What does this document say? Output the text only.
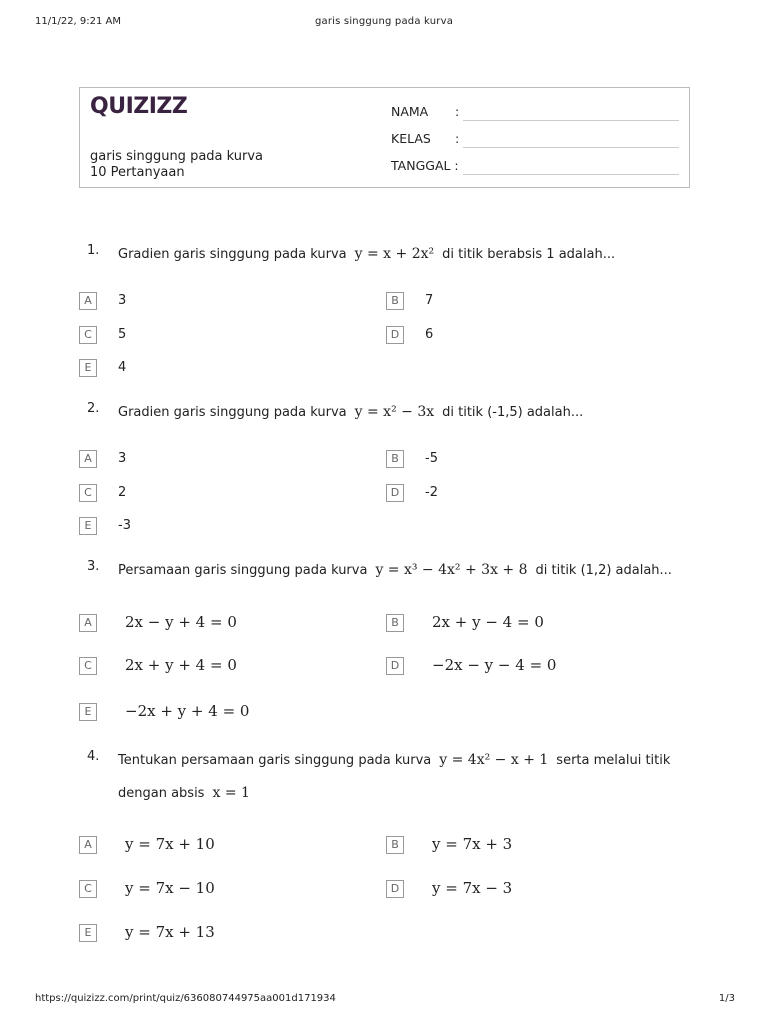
11/1/22, 9:21 AM	garis singgung pada kurva
QUIZIZZ
garis singgung pada kurva
10 Pertanyaan
NAMA :
KELAS :
TANGGAL :
1. Gradien garis singgung pada kurva y = x + 2x² di titik berabsis 1 adalah...
A	3	B	7
C	5	D	6
E	4
2. Gradien garis singgung pada kurva y = x² − 3x di titik (-1,5) adalah...
A	3	B	-5
C	2	D	-2
E	-3
3. Persamaan garis singgung pada kurva y = x³ − 4x² + 3x + 8 di titik (1,2) adalah...
A	2x − y + 4 = 0	B	2x + y − 4 = 0
C	2x + y + 4 = 0	D	−2x − y − 4 = 0
E	−2x + y + 4 = 0
4. Tentukan persamaan garis singgung pada kurva y = 4x² − x + 1 serta melalui titik
dengan absis x = 1
A	y = 7x + 10	B	y = 7x + 3
C	y = 7x − 10	D	y = 7x − 3
E	y = 7x + 13
https://quizizz.com/print/quiz/636080744975aa001d171934	1/3
